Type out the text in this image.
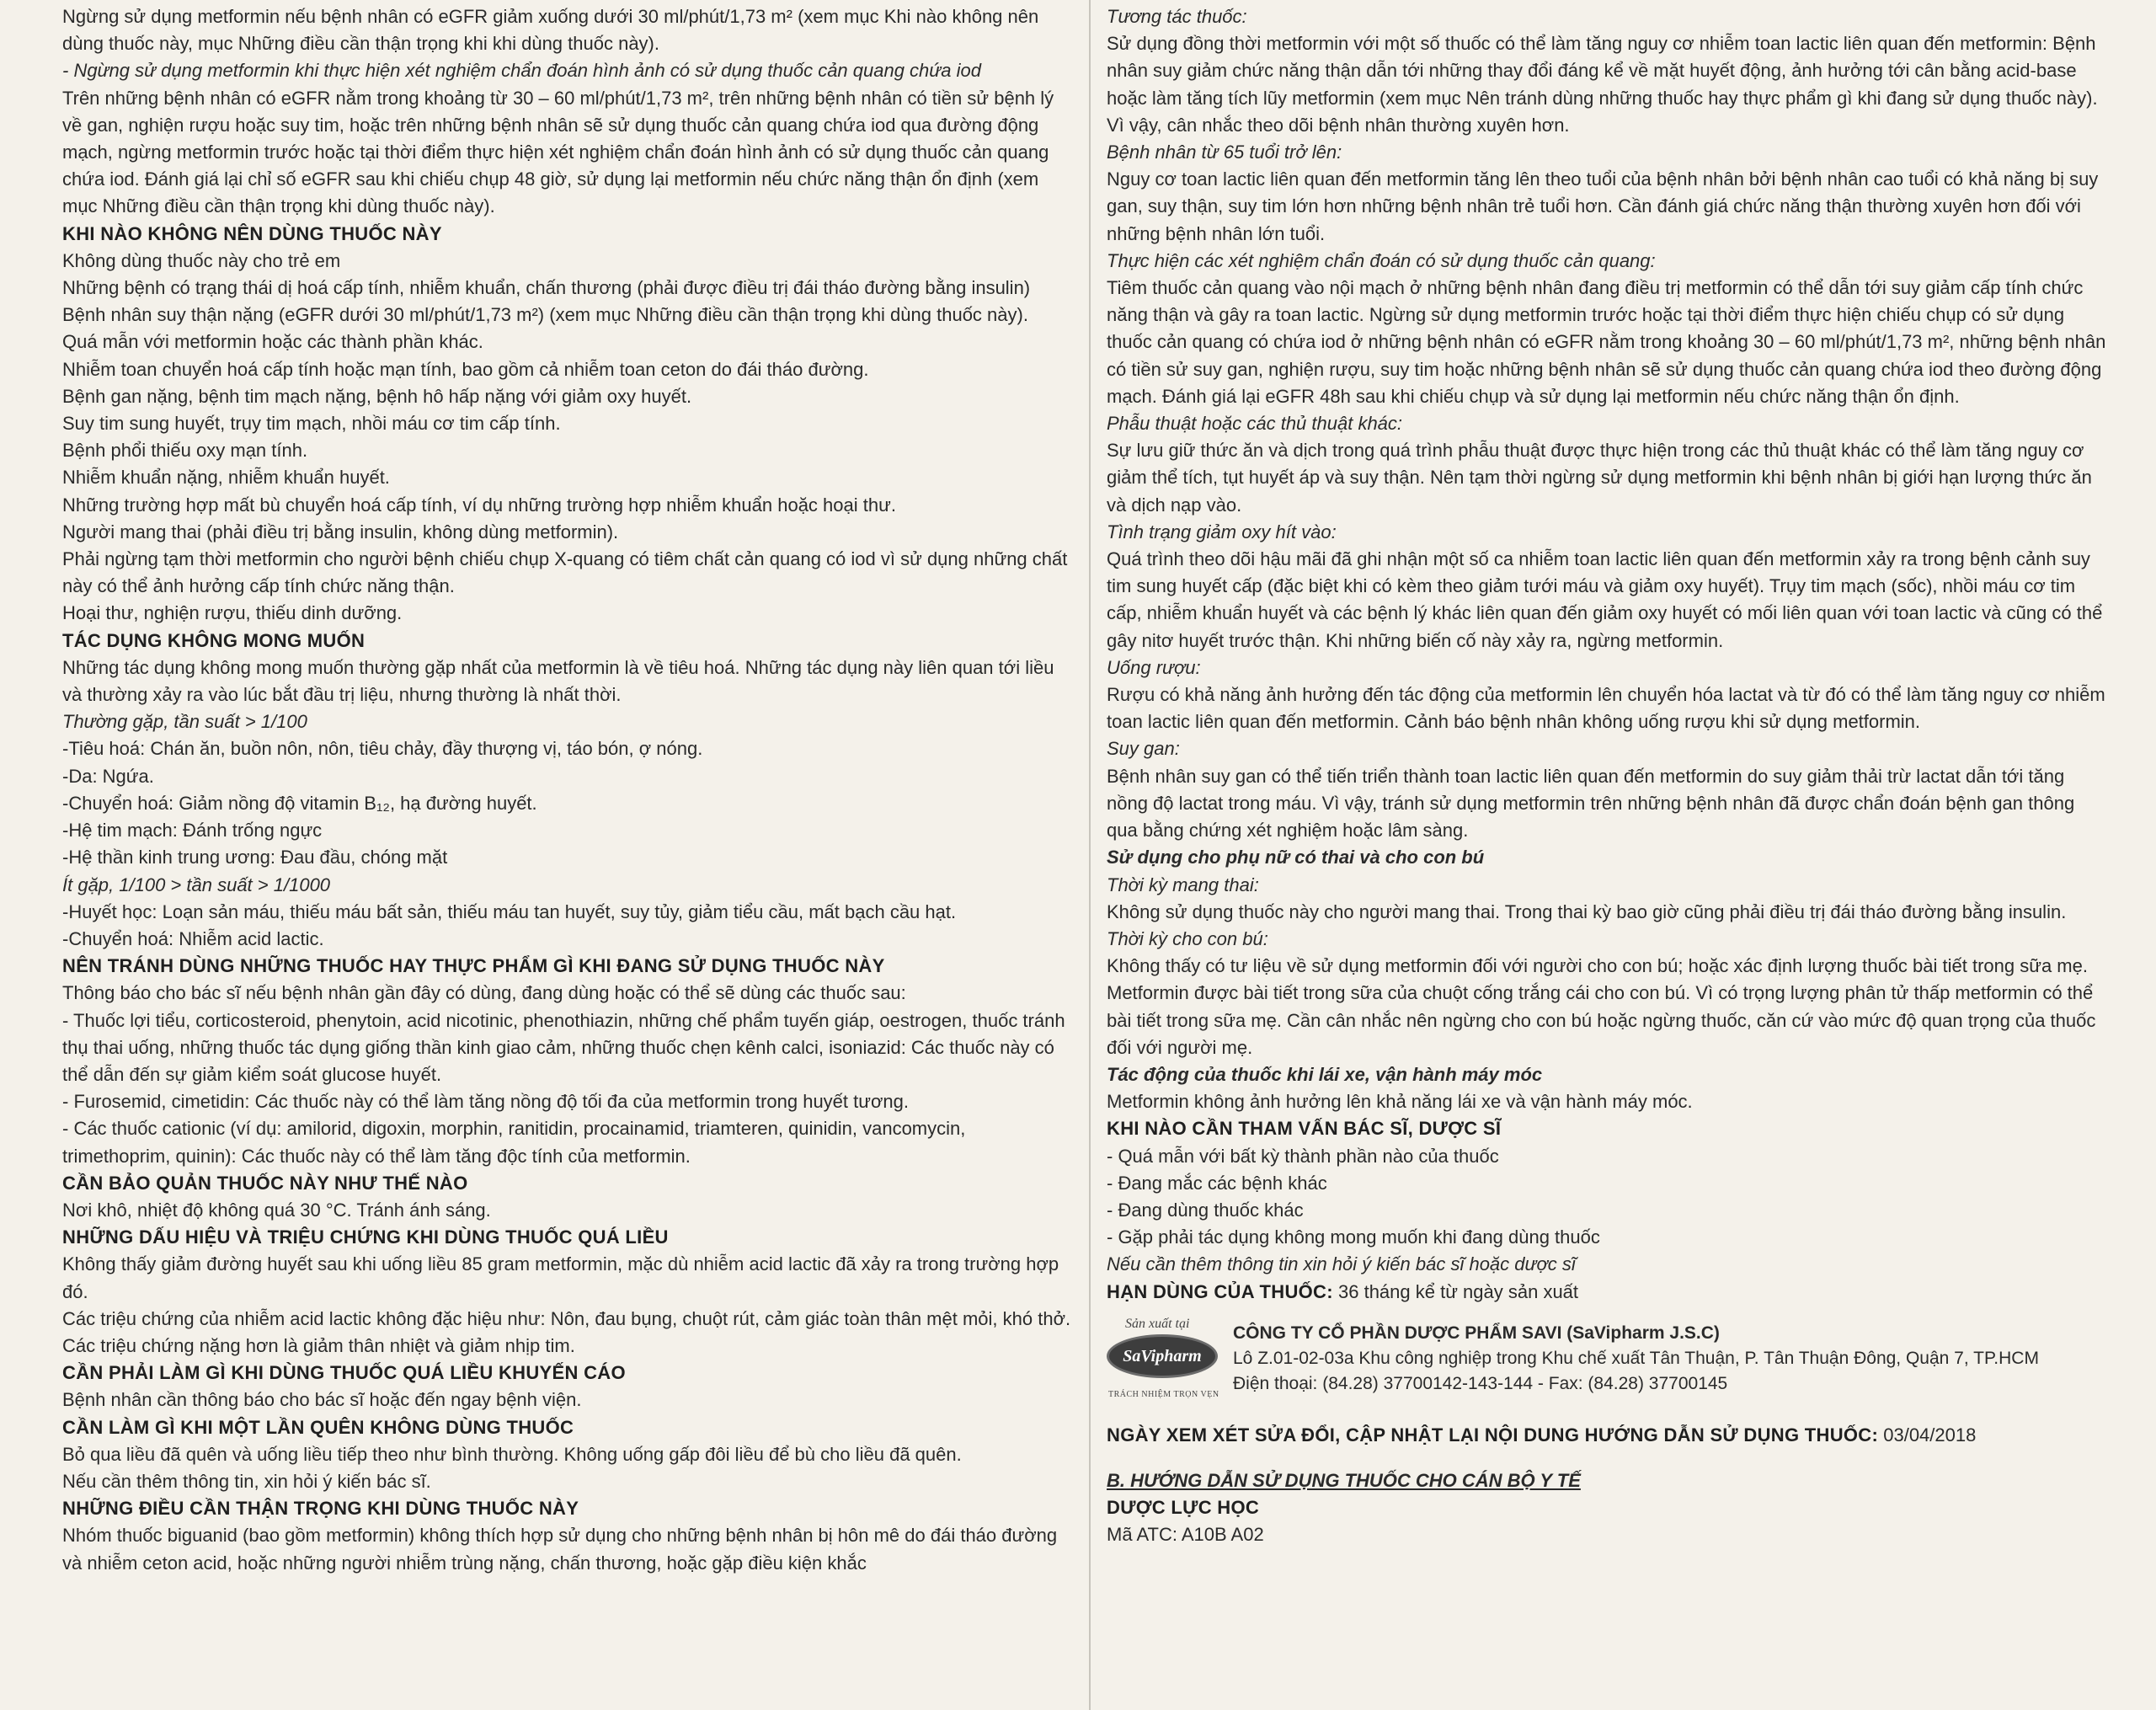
Ngừng sử dụng metformin nếu bệnh nhân có eGFR giảm xuống dưới 30 ml/phút/1,73 m² (xem mục Khi nào không nên dùng thuốc này, mục Những điều cần thận trọng khi khi dùng thuốc này).

- Ngừng sử dụng metformin khi thực hiện xét nghiệm chẩn đoán hình ảnh có sử dụng thuốc cản quang chứa iod

Trên những bệnh nhân có eGFR nằm trong khoảng từ 30 – 60 ml/phút/1,73 m², trên những bệnh nhân có tiền sử bệnh lý về gan, nghiện rượu hoặc suy tim, hoặc trên những bệnh nhân sẽ sử dụng thuốc cản quang chứa iod qua đường động mạch, ngừng metformin trước hoặc tại thời điểm thực hiện xét nghiệm chẩn đoán hình ảnh có sử dụng thuốc cản quang chứa iod. Đánh giá lại chỉ số eGFR sau khi chiếu chụp 48 giờ, sử dụng lại metformin nếu chức năng thận ổn định (xem mục Những điều cần thận trọng khi dùng thuốc này).

KHI NÀO KHÔNG NÊN DÙNG THUỐC NÀY

Không dùng thuốc này cho trẻ em

Những bệnh có trạng thái dị hoá cấp tính, nhiễm khuẩn, chấn thương (phải được điều trị đái tháo đường bằng insulin)

Bệnh nhân suy thận nặng (eGFR dưới 30 ml/phút/1,73 m²) (xem mục Những điều cần thận trọng khi dùng thuốc này).

Quá mẫn với metformin hoặc các thành phần khác.

Nhiễm toan chuyển hoá cấp tính hoặc mạn tính, bao gồm cả nhiễm toan ceton do đái tháo đường.

Bệnh gan nặng, bệnh tim mạch nặng, bệnh hô hấp nặng với giảm oxy huyết.

Suy tim sung huyết, trụy tim mạch, nhồi máu cơ tim cấp tính.

Bệnh phổi thiếu oxy mạn tính.

Nhiễm khuẩn nặng, nhiễm khuẩn huyết.

Những trường hợp mất bù chuyển hoá cấp tính, ví dụ những trường hợp nhiễm khuẩn hoặc hoại thư.

Người mang thai (phải điều trị bằng insulin, không dùng metformin).

Phải ngừng tạm thời metformin cho người bệnh chiếu chụp X-quang có tiêm chất cản quang có iod vì sử dụng những chất này có thể ảnh hưởng cấp tính chức năng thận.

Hoại thư, nghiện rượu, thiếu dinh dưỡng.

TÁC DỤNG KHÔNG MONG MUỐN

Những tác dụng không mong muốn thường gặp nhất của metformin là về tiêu hoá. Những tác dụng này liên quan tới liều và thường xảy ra vào lúc bắt đầu trị liệu, nhưng thường là nhất thời.

Thường gặp, tần suất > 1/100

-Tiêu hoá: Chán ăn, buồn nôn, nôn, tiêu chảy, đầy thượng vị, táo bón, ợ nóng.

-Da: Ngứa.

-Chuyển hoá: Giảm nồng độ vitamin B₁₂, hạ đường huyết.

-Hệ tim mạch: Đánh trống ngực

-Hệ thần kinh trung ương: Đau đầu, chóng mặt

Ít gặp, 1/100 > tần suất > 1/1000

-Huyết học: Loạn sản máu, thiếu máu bất sản, thiếu máu tan huyết, suy tủy, giảm tiểu cầu, mất bạch cầu hạt.

-Chuyển hoá: Nhiễm acid lactic.

NÊN TRÁNH DÙNG NHỮNG THUỐC HAY THỰC PHẨM GÌ KHI ĐANG SỬ DỤNG THUỐC NÀY

Thông báo cho bác sĩ nếu bệnh nhân gần đây có dùng, đang dùng hoặc có thể sẽ dùng các thuốc sau:

- Thuốc lợi tiểu, corticosteroid, phenytoin, acid nicotinic, phenothiazin, những chế phẩm tuyến giáp, oestrogen, thuốc tránh thụ thai uống, những thuốc tác dụng giống thần kinh giao cảm, những thuốc chẹn kênh calci, isoniazid: Các thuốc này có thể dẫn đến sự giảm kiểm soát glucose huyết.

- Furosemid, cimetidin: Các thuốc này có thể làm tăng nồng độ tối đa của metformin trong huyết tương.

- Các thuốc cationic (ví dụ: amilorid, digoxin, morphin, ranitidin, procainamid, triamteren, quinidin, vancomycin, trimethoprim, quinin): Các thuốc này có thể làm tăng độc tính của metformin.

CẦN BẢO QUẢN THUỐC NÀY NHƯ THẾ NÀO

Nơi khô, nhiệt độ không quá 30 °C. Tránh ánh sáng.

NHỮNG DẤU HIỆU VÀ TRIỆU CHỨNG KHI DÙNG THUỐC QUÁ LIỀU

Không thấy giảm đường huyết sau khi uống liều 85 gram metformin, mặc dù nhiễm acid lactic đã xảy ra trong trường hợp đó.

Các triệu chứng của nhiễm acid lactic không đặc hiệu như: Nôn, đau bụng, chuột rút, cảm giác toàn thân mệt mỏi, khó thở. Các triệu chứng nặng hơn là giảm thân nhiệt và giảm nhịp tim.

CẦN PHẢI LÀM GÌ KHI DÙNG THUỐC QUÁ LIỀU KHUYẾN CÁO

Bệnh nhân cần thông báo cho bác sĩ hoặc đến ngay bệnh viện.

CẦN LÀM GÌ KHI MỘT LẦN QUÊN KHÔNG DÙNG THUỐC

Bỏ qua liều đã quên và uống liều tiếp theo như bình thường. Không uống gấp đôi liều để bù cho liều đã quên.

Nếu cần thêm thông tin, xin hỏi ý kiến bác sĩ.

NHỮNG ĐIỀU CẦN THẬN TRỌNG KHI DÙNG THUỐC NÀY

Nhóm thuốc biguanid (bao gồm metformin) không thích hợp sử dụng cho những bệnh nhân bị hôn mê do đái tháo đường và nhiễm ceton acid, hoặc những người nhiễm trùng nặng, chấn thương, hoặc gặp điều kiện khắc

Tương tác thuốc:

Sử dụng đồng thời metformin với một số thuốc có thể làm tăng nguy cơ nhiễm toan lactic liên quan đến metformin: Bệnh nhân suy giảm chức năng thận dẫn tới những thay đổi đáng kể về mặt huyết động, ảnh hưởng tới cân bằng acid-base hoặc làm tăng tích lũy metformin (xem mục Nên tránh dùng những thuốc hay thực phẩm gì khi đang sử dụng thuốc này). Vì vậy, cân nhắc theo dõi bệnh nhân thường xuyên hơn.

Bệnh nhân từ 65 tuổi trở lên:

Nguy cơ toan lactic liên quan đến metformin tăng lên theo tuổi của bệnh nhân bởi bệnh nhân cao tuổi có khả năng bị suy gan, suy thận, suy tim lớn hơn những bệnh nhân trẻ tuổi hơn. Cần đánh giá chức năng thận thường xuyên hơn đối với những bệnh nhân lớn tuổi.

Thực hiện các xét nghiệm chẩn đoán có sử dụng thuốc cản quang:

Tiêm thuốc cản quang vào nội mạch ở những bệnh nhân đang điều trị metformin có thể dẫn tới suy giảm cấp tính chức năng thận và gây ra toan lactic. Ngừng sử dụng metformin trước hoặc tại thời điểm thực hiện chiếu chụp có sử dụng thuốc cản quang có chứa iod ở những bệnh nhân có eGFR nằm trong khoảng 30 – 60 ml/phút/1,73 m², những bệnh nhân có tiền sử suy gan, nghiện rượu, suy tim hoặc những bệnh nhân sẽ sử dụng thuốc cản quang chứa iod theo đường động mạch. Đánh giá lại eGFR 48h sau khi chiếu chụp và sử dụng lại metformin nếu chức năng thận ổn định.

Phẫu thuật hoặc các thủ thuật khác:

Sự lưu giữ thức ăn và dịch trong quá trình phẫu thuật được thực hiện trong các thủ thuật khác có thể làm tăng nguy cơ giảm thể tích, tụt huyết áp và suy thận. Nên tạm thời ngừng sử dụng metformin khi bệnh nhân bị giới hạn lượng thức ăn và dịch nạp vào.

Tình trạng giảm oxy hít vào:

Quá trình theo dõi hậu mãi đã ghi nhận một số ca nhiễm toan lactic liên quan đến metformin xảy ra trong bệnh cảnh suy tim sung huyết cấp (đặc biệt khi có kèm theo giảm tưới máu và giảm oxy huyết). Trụy tim mạch (sốc), nhồi máu cơ tim cấp, nhiễm khuẩn huyết và các bệnh lý khác liên quan đến giảm oxy huyết có mối liên quan với toan lactic và cũng có thể gây nitơ huyết trước thận. Khi những biến cố này xảy ra, ngừng metformin.

Uống rượu:

Rượu có khả năng ảnh hưởng đến tác động của metformin lên chuyển hóa lactat và từ đó có thể làm tăng nguy cơ nhiễm toan lactic liên quan đến metformin. Cảnh báo bệnh nhân không uống rượu khi sử dụng metformin.

Suy gan:

Bệnh nhân suy gan có thể tiến triển thành toan lactic liên quan đến metformin do suy giảm thải trừ lactat dẫn tới tăng nồng độ lactat trong máu. Vì vậy, tránh sử dụng metformin trên những bệnh nhân đã được chẩn đoán bệnh gan thông qua bằng chứng xét nghiệm hoặc lâm sàng.

Sử dụng cho phụ nữ có thai và cho con bú

Thời kỳ mang thai:

Không sử dụng thuốc này cho người mang thai. Trong thai kỳ bao giờ cũng phải điều trị đái tháo đường bằng insulin.

Thời kỳ cho con bú:

Không thấy có tư liệu về sử dụng metformin đối với người cho con bú; hoặc xác định lượng thuốc bài tiết trong sữa mẹ. Metformin được bài tiết trong sữa của chuột cống trắng cái cho con bú. Vì có trọng lượng phân tử thấp metformin có thể bài tiết trong sữa mẹ. Cần cân nhắc nên ngừng cho con bú hoặc ngừng thuốc, căn cứ vào mức độ quan trọng của thuốc đối với người mẹ.

Tác động của thuốc khi lái xe, vận hành máy móc

Metformin không ảnh hưởng lên khả năng lái xe và vận hành máy móc.

KHI NÀO CẦN THAM VẤN BÁC SĨ, DƯỢC SĨ

- Quá mẫn với bất kỳ thành phần nào của thuốc

- Đang mắc các bệnh khác

- Đang dùng thuốc khác

- Gặp phải tác dụng không mong muốn khi đang dùng thuốc

Nếu cần thêm thông tin xin hỏi ý kiến bác sĩ hoặc dược sĩ

HẠN DÙNG CỦA THUỐC: 36 tháng kể từ ngày sản xuất

Sản xuất tại
SaVipharm
TRÁCH NHIỆM TRỌN VẸN
CÔNG TY CỔ PHẦN DƯỢC PHẨM SAVI (SaVipharm J.S.C)
Lô Z.01-02-03a Khu công nghiệp trong Khu chế xuất Tân Thuận, P. Tân Thuận Đông, Quận 7, TP.HCM
Điện thoại: (84.28) 37700142-143-144 - Fax: (84.28) 37700145

NGÀY XEM XÉT SỬA ĐỔI, CẬP NHẬT LẠI NỘI DUNG HƯỚNG DẪN SỬ DỤNG THUỐC: 03/04/2018

B. HƯỚNG DẪN SỬ DỤNG THUỐC CHO CÁN BỘ Y TẾ

DƯỢC LỰC HỌC

Mã ATC: A10B A02
